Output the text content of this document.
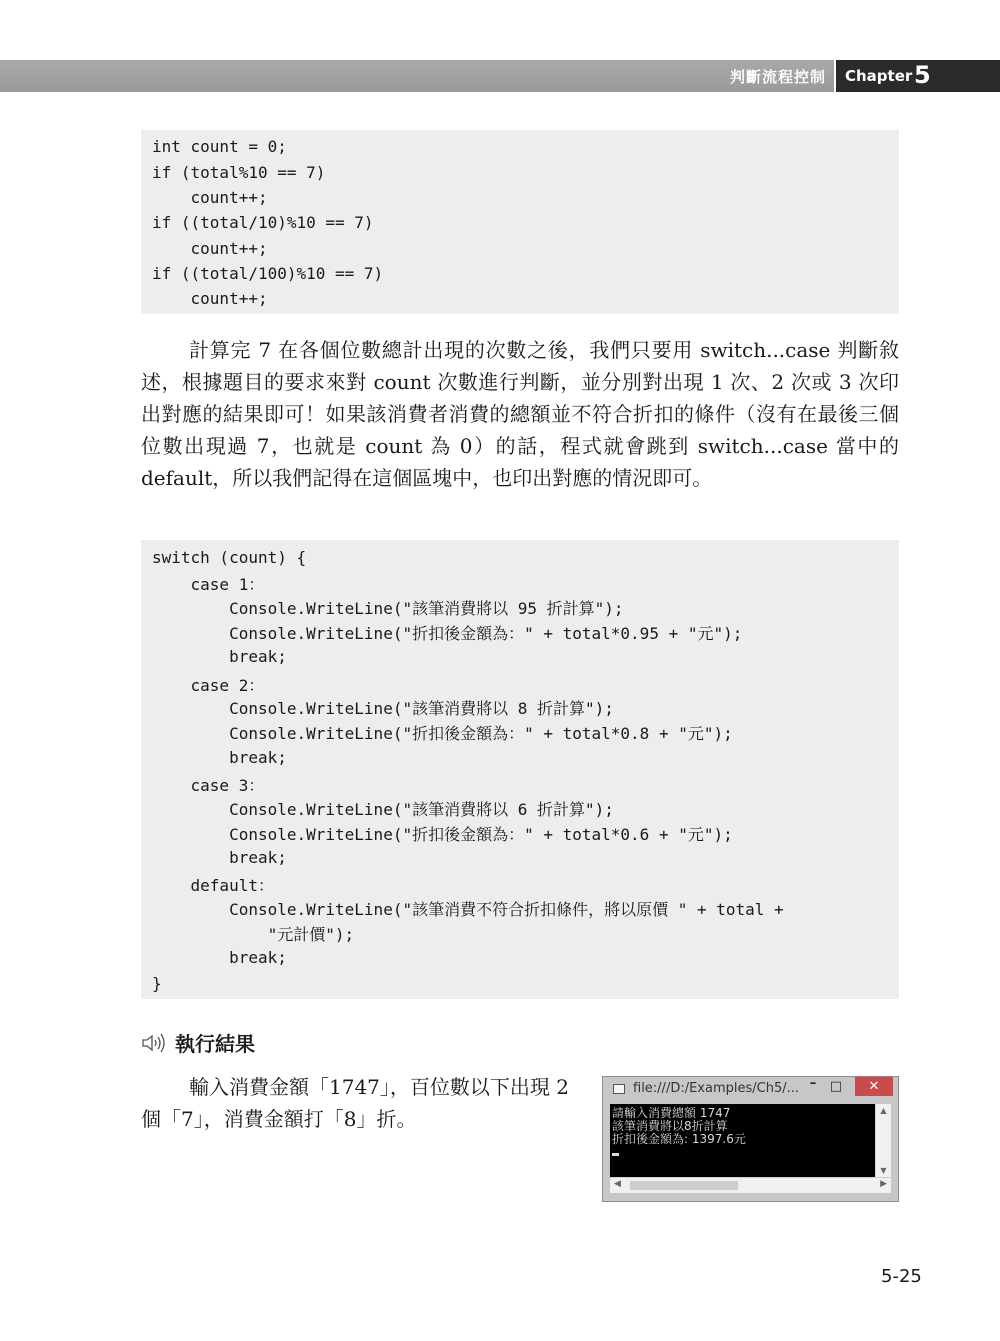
判斷流程控制 Chapter 5
int count = 0;
if (total%10 == 7)
count++;
if ((total/10)%10 == 7)
count++;
if ((total/100)%10 == 7)
count++;
計算完 7 在各個位數總計出現的次數之後，我們只要用 switch...case 判斷敘述，根據題目的要求來對 count 次數進行判斷，並分別對出現 1 次、2 次或 3 次印出對應的結果即可！如果該消費者消費的總額並不符合折扣的條件（沒有在最後三個位數出現過 7，也就是 count 為 0）的話，程式就會跳到 switch...case 當中的 default，所以我們記得在這個區塊中，也印出對應的情況即可。
switch (count) {
case 1：
Console.WriteLine("該筆消費將以 95 折計算");
Console.WriteLine("折扣後金額為：" + total*0.95 + "元");
break;
case 2：
Console.WriteLine("該筆消費將以 8 折計算");
Console.WriteLine("折扣後金額為：" + total*0.8 + "元");
break;
case 3：
Console.WriteLine("該筆消費將以 6 折計算");
Console.WriteLine("折扣後金額為：" + total*0.6 + "元");
break;
default：
Console.WriteLine("該筆消費不符合折扣條件，將以原價 " + total +
"元計價");
break;
}
執行結果
輸入消費金額「1747」，百位數以下出現 2 個「7」，消費金額打「8」折。
file:///D:/Examples/Ch5/... – □	✕
請輸入消費總額 1747
該筆消費將以8折計算
折扣後金額為: 1397.6元
▲
▼
◀	▶
5-25
